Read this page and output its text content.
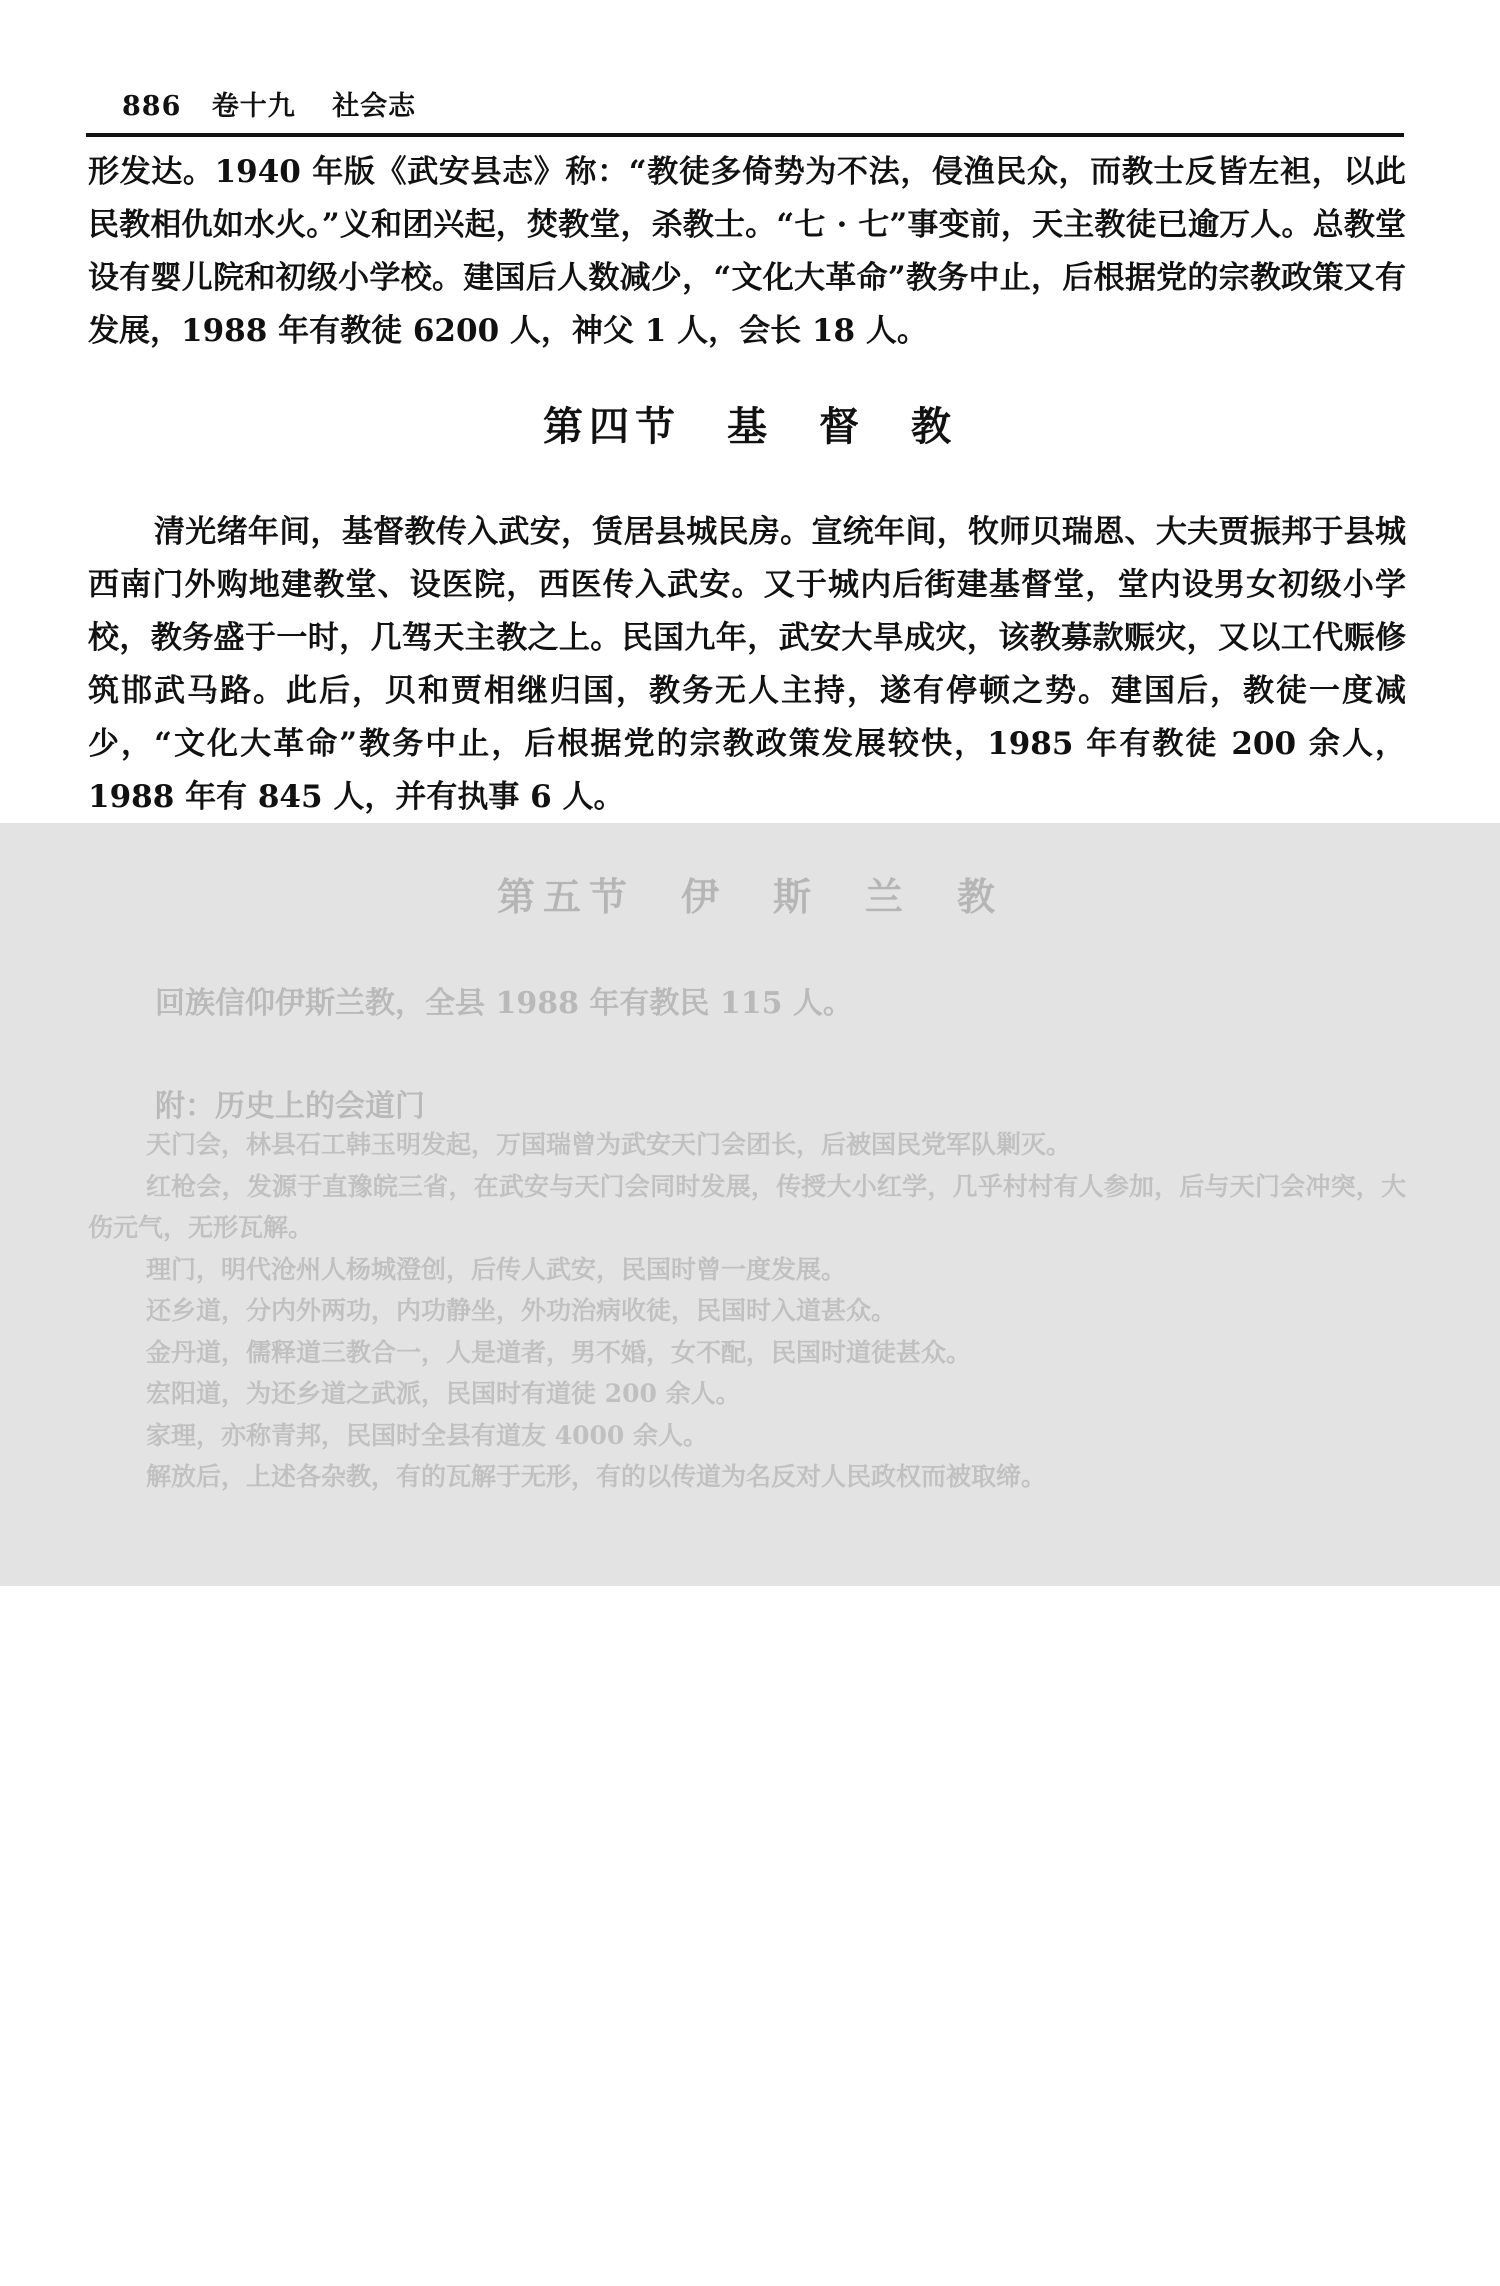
886 卷十九 社会志
形发达。1940 年版《武安县志》称：“教徒多倚势为不法，侵渔民众，而教士反皆左袒，以此民教相仇如水火。”义和团兴起，焚教堂，杀教士。“七 · 七”事变前，天主教徒已逾万人。总教堂设有婴儿院和初级小学校。建国后人数减少，“文化大革命”教务中止，后根据党的宗教政策又有发展，1988 年有教徒 6200 人，神父 1 人，会长 18 人。
第四节　基　督　教
清光绪年间，基督教传入武安，赁居县城民房。宣统年间，牧师贝瑞恩、大夫贾振邦于县城西南门外购地建教堂、设医院，西医传入武安。又于城内后街建基督堂，堂内设男女初级小学校，教务盛于一时，几驾天主教之上。民国九年，武安大旱成灾，该教募款赈灾，又以工代赈修筑邯武马路。此后，贝和贾相继归国，教务无人主持，遂有停顿之势。建国后，教徒一度减少，“文化大革命”教务中止，后根据党的宗教政策发展较快，1985 年有教徒 200 余人，1988 年有 845 人，并有执事 6 人。
第五节　伊　斯　兰　教
回族信仰伊斯兰教，全县 1988 年有教民 115 人。
附：历史上的会道门
天门会，林县石工韩玉明发起，万国瑞曾为武安天门会团长，后被国民党军队剿灭。
红枪会，发源于直豫皖三省，在武安与天门会同时发展，传授大小红学，几乎村村有人参加，后与天门会冲突，大伤元气，无形瓦解。
理门，明代沧州人杨城澄创，后传人武安，民国时曾一度发展。
还乡道，分内外两功，内功静坐，外功治病收徒，民国时入道甚众。
金丹道，儒释道三教合一，人是道者，男不婚，女不配，民国时道徒甚众。
宏阳道，为还乡道之武派，民国时有道徒 200 余人。
家理，亦称青邦，民国时全县有道友 4000 余人。
解放后，上述各杂教，有的瓦解于无形，有的以传道为名反对人民政权而被取缔。
